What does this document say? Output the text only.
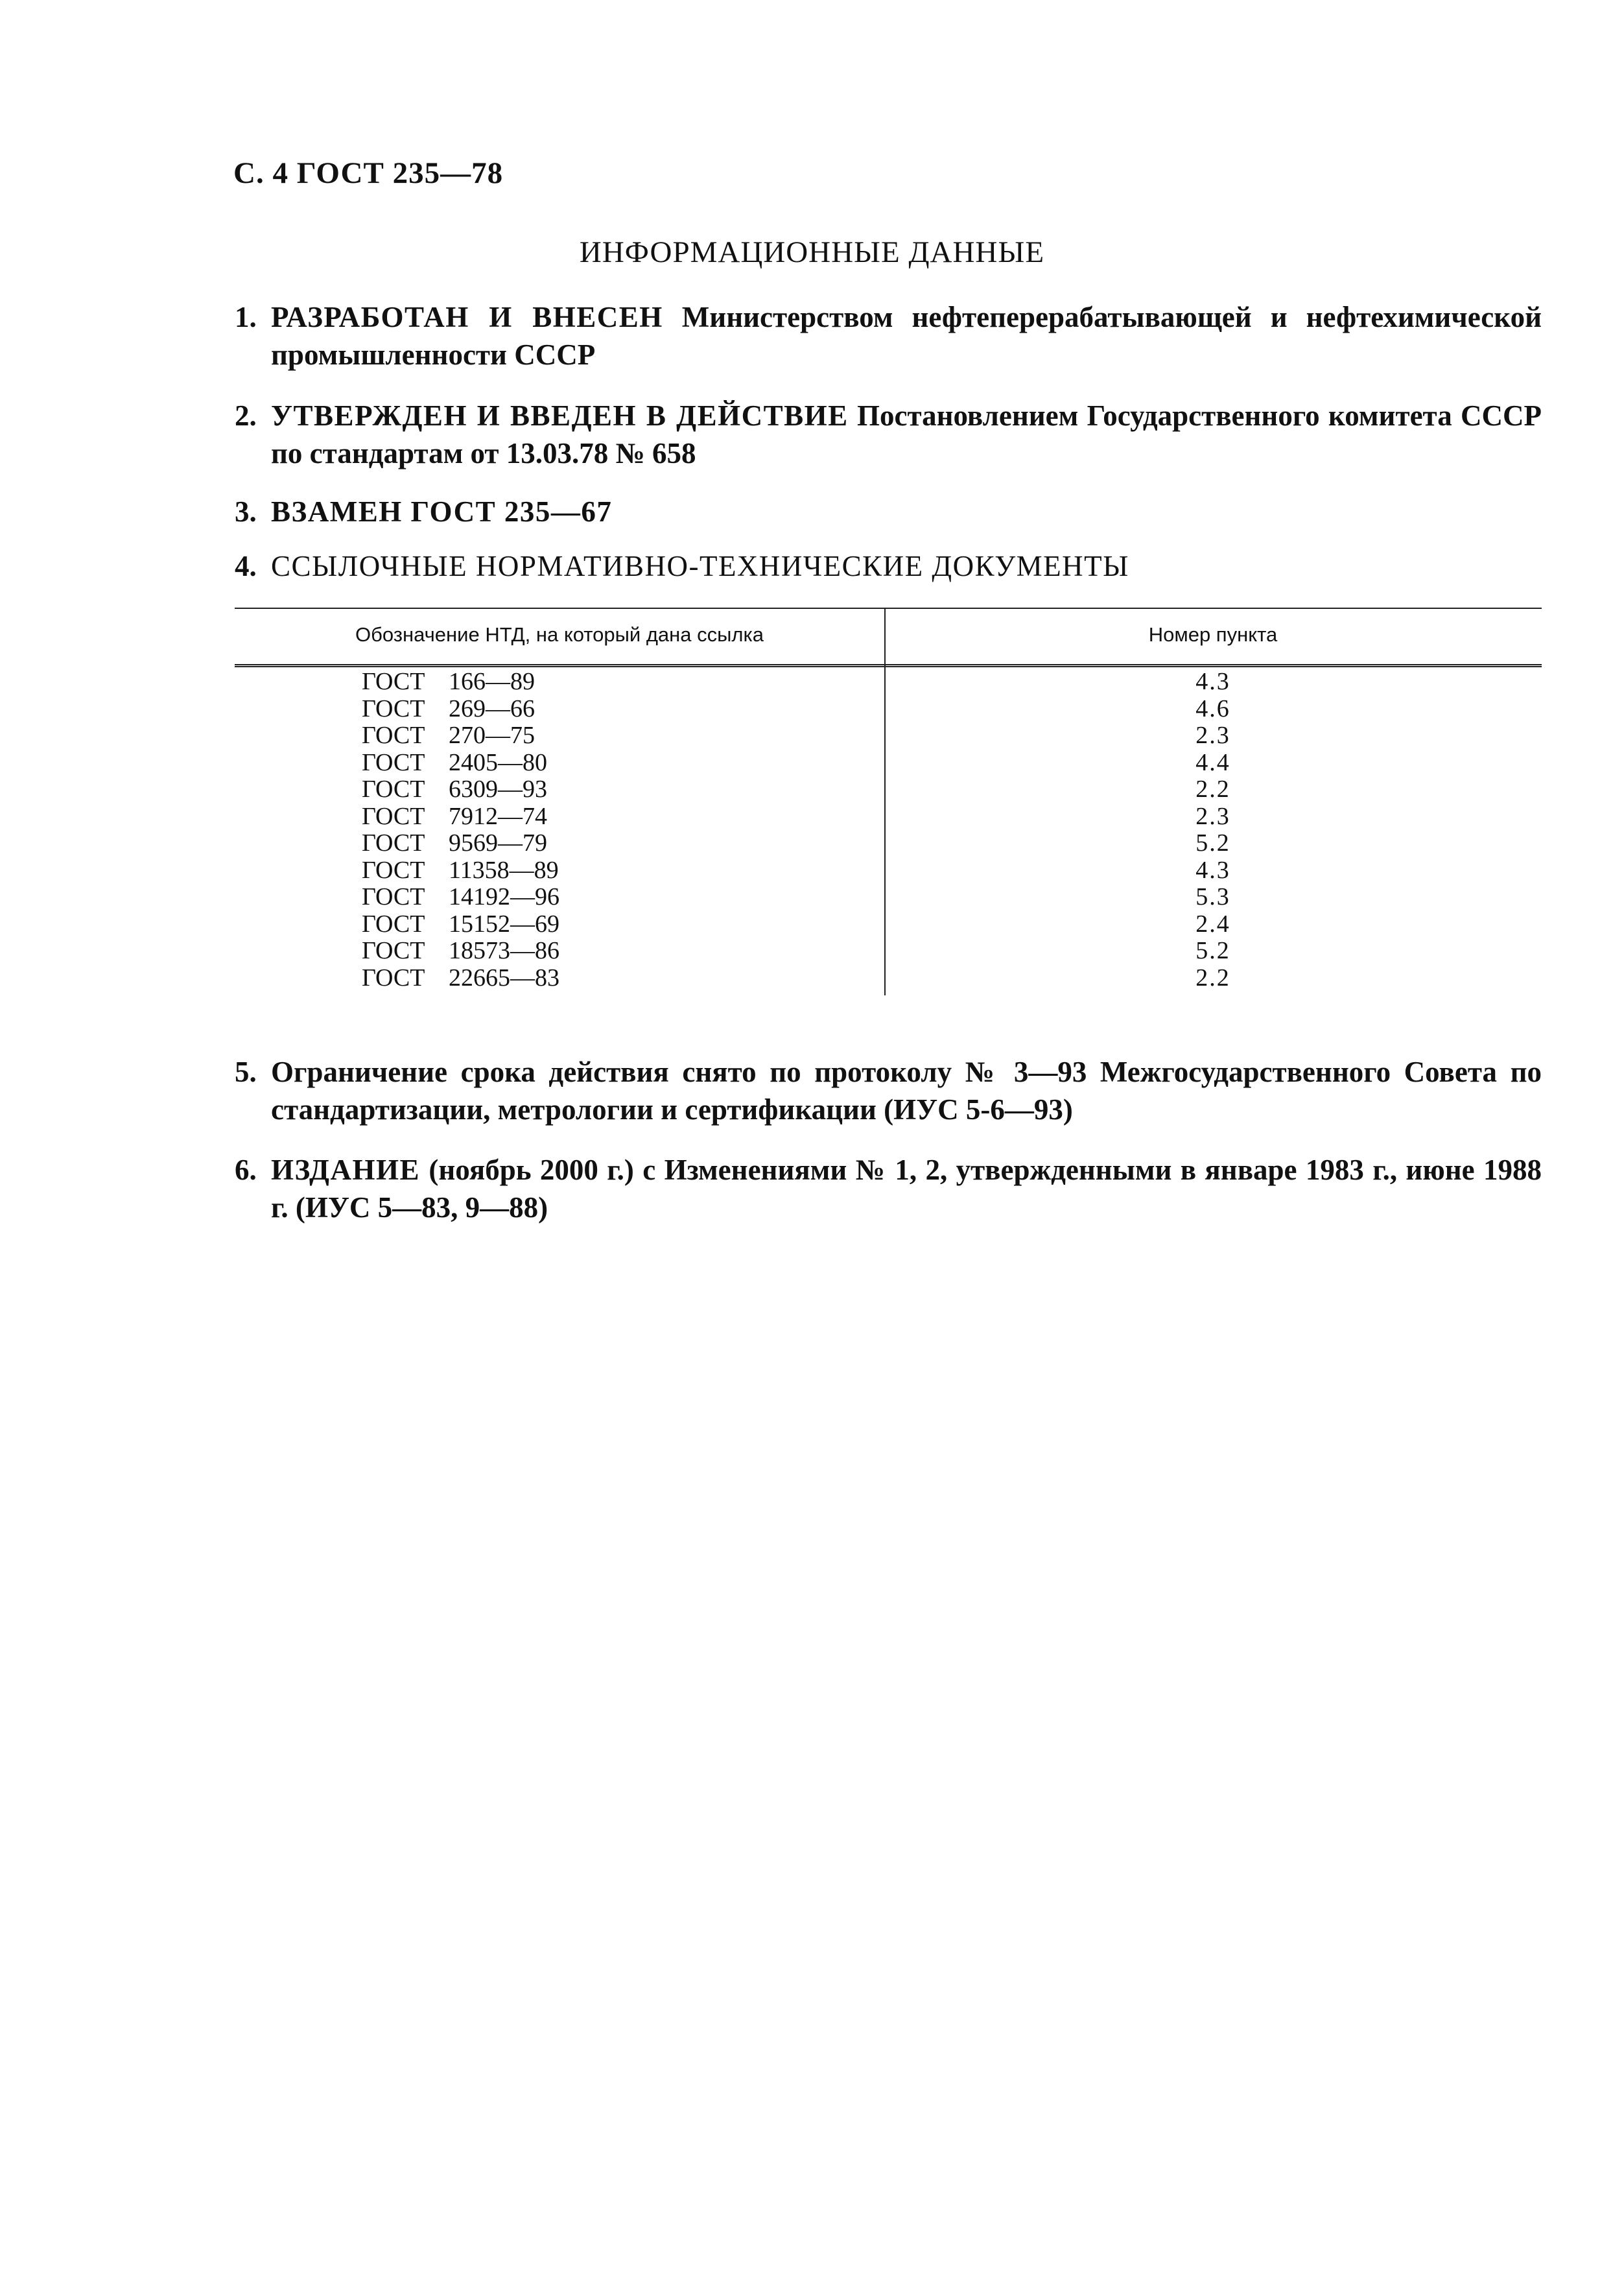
С. 4 ГОСТ 235—78
ИНФОРМАЦИОННЫЕ ДАННЫЕ
1. РАЗРАБОТАН И ВНЕСЕН Министерством нефтеперерабатывающей и нефтехимической промышленности СССР
2. УТВЕРЖДЕН И ВВЕДЕН В ДЕЙСТВИЕ Постановлением Государственного комитета СССР по стандартам от 13.03.78 № 658
3. ВЗАМЕН ГОСТ 235—67
4. ССЫЛОЧНЫЕ НОРМАТИВНО-ТЕХНИЧЕСКИЕ ДОКУМЕНТЫ
Обозначение НТД, на который дана ссылка	Номер пункта
ГОСТ 166—89	4.3
ГОСТ 269—66	4.6
ГОСТ 270—75	2.3
ГОСТ 2405—80	4.4
ГОСТ 6309—93	2.2
ГОСТ 7912—74	2.3
ГОСТ 9569—79	5.2
ГОСТ 11358—89	4.3
ГОСТ 14192—96	5.3
ГОСТ 15152—69	2.4
ГОСТ 18573—86	5.2
ГОСТ 22665—83	2.2
5. Ограничение срока действия снято по протоколу № 3—93 Межгосударственного Совета по стандартизации, метрологии и сертификации (ИУС 5-6—93)
6. ИЗДАНИЕ (ноябрь 2000 г.) с Изменениями № 1, 2, утвержденными в январе 1983 г., июне 1988 г. (ИУС 5—83, 9—88)
